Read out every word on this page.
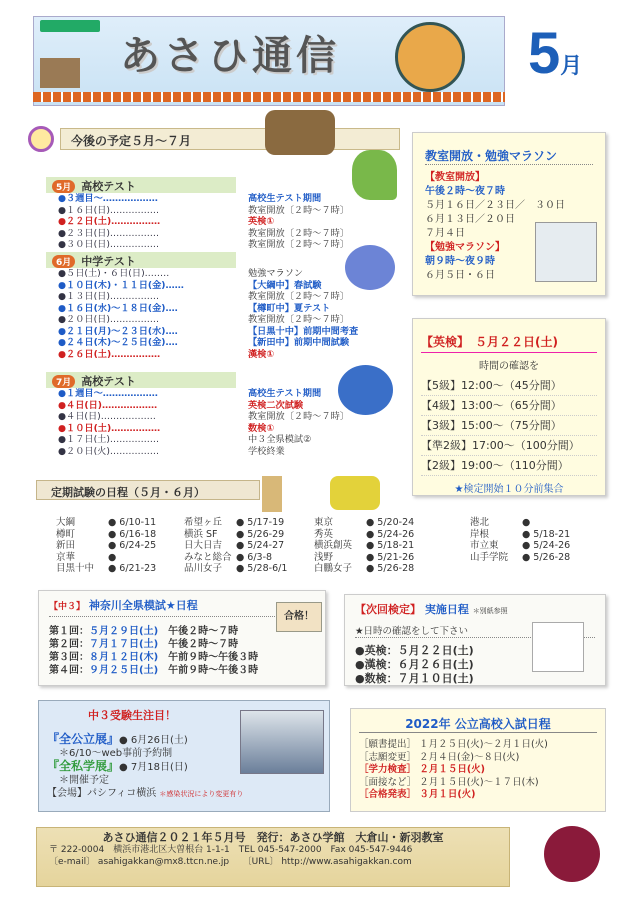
あさひ通信	5月
今後の予定５月～７月
5月 高校テスト
●３週目～‥‥‥‥‥‥‥‥‥	高校生テスト期間
●１６日(日)‥‥‥‥‥‥‥‥	教室開放〔２時～７時〕
●２２日(土)‥‥‥‥‥‥‥‥	英検①
●２３日(日)‥‥‥‥‥‥‥‥	教室開放〔２時～７時〕
●３０日(日)‥‥‥‥‥‥‥‥	教室開放〔２時～７時〕
6月 中学テスト
●５日(土)・６日(日)‥‥‥‥	勉強マラソン
●１０日(木)・１１日(金)‥‥‥	【大綱中】春試験
●１３日(日)‥‥‥‥‥‥‥‥	教室開放〔２時～７時〕
●１６日(水)～１８日(金)‥‥	【樽町中】夏テスト
●２０日(日)‥‥‥‥‥‥‥‥	教室開放〔２時～７時〕
●２１日(月)～２３日(水)‥‥	【日黒十中】前期中間考査
●２４日(木)～２５日(金)‥‥	【新田中】前期中間試験
●２６日(土)‥‥‥‥‥‥‥‥	漢検①
7月 高校テスト
●１週目～‥‥‥‥‥‥‥‥‥	高校生テスト期間
●４日(日)‥‥‥‥‥‥‥‥‥	英検二次試験
●４日(日)‥‥‥‥‥‥‥‥‥	教室開放〔２時～７時〕
●１０日(土)‥‥‥‥‥‥‥‥	数検①
●１７日(土)‥‥‥‥‥‥‥‥	中３全県模試②
●２０日(火)‥‥‥‥‥‥‥‥	学校終業
教室開放・勉強マラソン
【教室開放】
午後２時～夜７時
５月１６日／２３日／　３０日
６月１３日／２０日
７月４日
【勉強マラソン】
朝９時～夜９時
６月５日・６日
【英検】　 ５月２２日(土)
時間の確認を
【5級】12:00～（45分間）
【4級】13:00～（65分間）
【3級】15:00～（75分間）
【準2級】17:00～（100分間）
【2級】19:00～（110分間）
★検定開始１０分前集合
定期試験の日程（５月・６月）
大綱	● 6/10-11
樽町	● 6/16-18
新田	● 6/24-25
京華	●
目黒十中 ● 6/21-23
希望ヶ丘 ● 5/17-19
横浜 SF ● 5/26-29
日大日吉 ● 5/24-27
みなと総合 ● 6/3-8
品川女子 ● 5/28-6/1
東京	● 5/20-24
秀英	● 5/24-26
横浜創英 ● 5/18-21
浅野	● 5/21-26
白鵬女子 ● 5/26-28
港北	●
岸根	● 5/18-21
市立東 ● 5/24-26
山手学院 ● 5/26-28
【中３】 神奈川全県模試★日程
第１回：５月２９日(土)　午後２時～７時
第２回：７月１７日(土)　午後２時～７時
第３回：８月１２日(木)　午前９時～午後３時
第４回：９月２５日(土)　午前９時～午後３時
合格！
【次回検定】 実施日程 ＊別紙参照
★日時の確認をして下さい
●英検：５月２２日(土)
●漢検：６月２６日(土)
●数検：７月１０日(土)
中３受験生注目！
『全公立展』● 6月26日(土)
＊6/10～web事前予約制
『全私学展』● 7月18日(日)
＊開催予定
【会場】パシフィコ横浜 ＊感染状況により変更有り
2022年 公立高校入試日程
［願書提出］ １月２５日(火)～２月１日(火)
［志願変更］ ２月４日(金)～８日(火)
［学力検査］ ２月１５日(火)
［面接など］ ２月１５日(火)～１７日(木)
［合格発表］ ３月１日(火)
あさひ通信２０２１年５月号　発行：あさひ学館　大倉山・新羽教室
〒 222-0004　横浜市港北区大曽根台 1-1-1　TEL 045-547-2000　Fax 045-547-9446
〔e-mail〕 asahigakkan@mx8.ttcn.ne.jp　　〔URL〕 http://www.asahigakkan.com
